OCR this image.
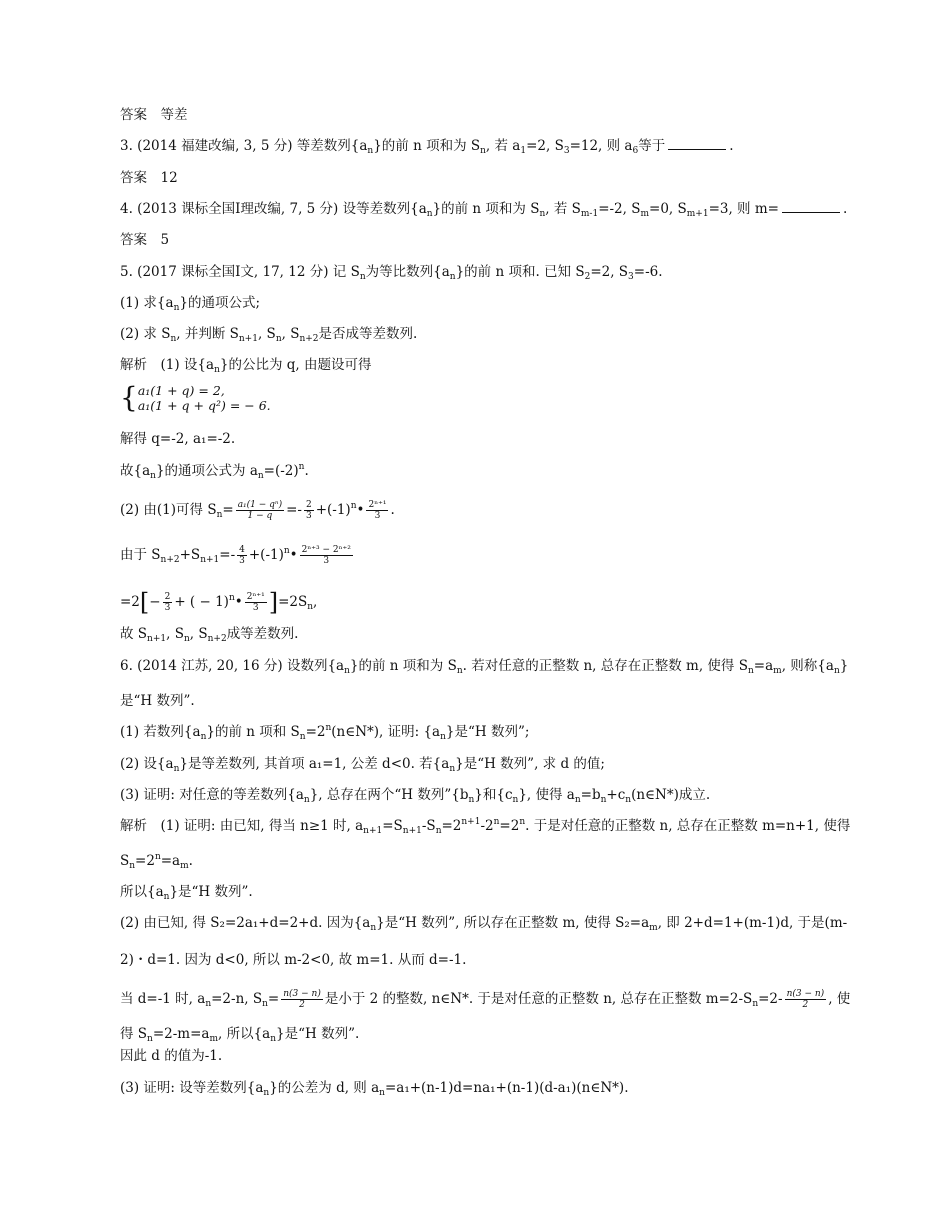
答案　等差
3. (2014 福建改编, 3, 5 分) 等差数列$\{a_n\}$的前 n 项和为 $S_n$, 若 $a_1=2$, $S_3=12$, 则 $a_6$等于	.
答案　12
4. (2013 课标全国Ⅰ理改编, 7, 5 分) 设等差数列$\{a_n\}$的前 n 项和为 $S_n$, 若 $S_{m-1}=-2$, $S_m=0$, $S_{m+1}=3$, 则 m=	.
答案　5
5. (2017 课标全国Ⅰ文, 17, 12 分) 记 $S_n$为等比数列$\{a_n\}$的前 n 项和. 已知 $S_2=2$, $S_3=-6$.
(1) 求$\{a_n\}$的通项公式;
(2) 求 $S_n$, 并判断 $S_{n+1}$, $S_n$, $S_{n+2}$是否成等差数列.
解析　(1) 设$\{a_n\}$的公比为 q, 由题设可得
{a₁(1 + q) = 2,
a₁(1 + q + q²) = − 6.
解得 q=-2, a₁=-2.
故$\{a_n\}$的通项公式为 $a_n=(-2)^n$.
(2) 由(1)可得 $S_n= \frac{\text{a₁(1 − qⁿ)}}{1 - q} =- \frac{2}{3}$ $+(-1)^n• \frac{\text{2ⁿ⁺¹}}{3}$ .
由于 $S_{n+2}+S_{n+1}=- \frac{4}{3}$ $+(-1)^n• \frac{\text{2ⁿ⁺³ − 2ⁿ⁺²}}{3}$
$=2[- \frac{2}{3}$ + ( − 1)$^n$• $\frac{\text{2ⁿ⁺¹}}{3} ]=2S_n$,
故 $S_{n+1}$, $S_n$, $S_{n+2}$成等差数列.
6. (2014 江苏, 20, 16 分) 设数列$\{a_n\}$的前 n 项和为 $S_n$. 若对任意的正整数 n, 总存在正整数 m, 使得 $S_n=a_m$, 则称$\{a_n\}$
是“H 数列”.
(1) 若数列$\{a_n\}$的前 n 项和 $S_n=2^n(n\in N*)$, 证明: $\{a_n\}$是“H 数列”;
(2) 设$\{a_n\}$是等差数列, 其首项 a₁=1, 公差 d<0. 若$\{a_n\}$是“H 数列”, 求 d 的值;
(3) 证明: 对任意的等差数列$\{a_n\}$, 总存在两个“H 数列$”\{b_n\}$和$\{c_n\}$, 使得 $a_n=b_n+c_n(n\in N*)$成立.
解析　(1) 证明: 由已知, 得当 n≥1 时, $a_{n+1}=S_{n+1}-S_n=2^{n+1}-2^n=2^n$. 于是对任意的正整数 n, 总存在正整数 m=n+1, 使得
$S_n=2^n=a_m$.
所以$\{a_n\}$是“H 数列”.
(2) 由已知, 得 S₂=2a₁+d=2+d. 因为$\{a_n\}$是“H 数列”, 所以存在正整数 m, 使得 $S_2=a_m$, 即 2+d=1+(m-1)d, 于是(m-
2)・d=1. 因为 d<0, 所以 m-2<0, 故 m=1. 从而 d=-1.
当 d=-1 时, $a_n=2-n$, $S_n= \frac{n(3 - n)}{2}$ 是小于 2 的整数, n∈N*. 于是对任意的正整数 n, 总存在正整数 $m=2-S_n=2- \frac{n(3 - n)}{2}$ , 使
得 $S_n=2-m=a_m$, 所以$\{a_n\}$是“H 数列”.
因此 d 的值为-1.
(3) 证明: 设等差数列$\{a_n\}$的公差为 d, 则 $a_n=a_1+(n-1)d=na_1+(n-1)(d-a_1)(n\in N*)$.
